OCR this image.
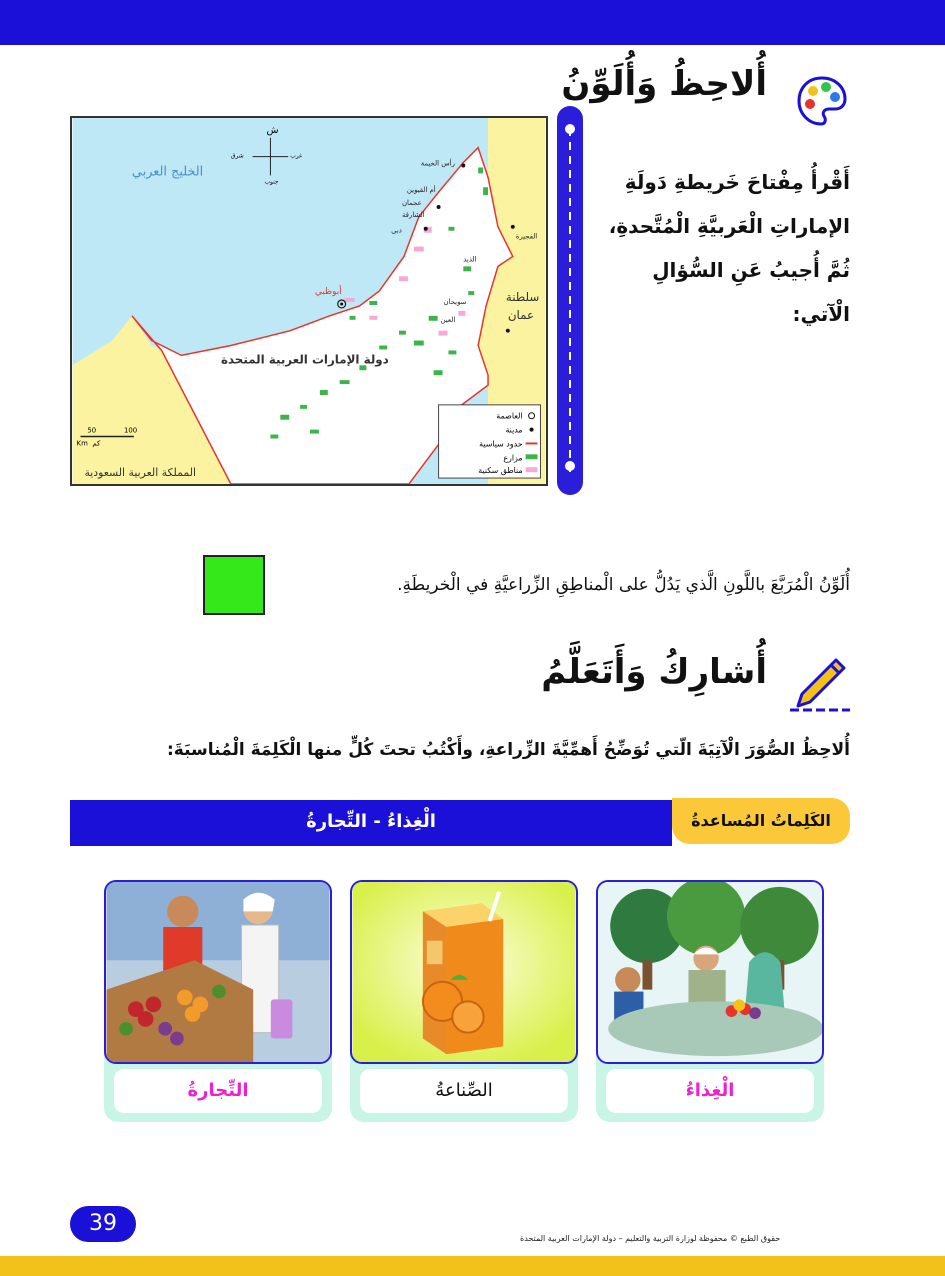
أُلاحِظُ وَأُلَوِّنُ
الخليج العربي
دولة الإمارات العربية المتحدة
المملكة العربية السعودية
سلطنة
عمان
أبوظبي
ش
شرق	غرب
جنوب
50	100
Km كم
العاصمة
مدينة
حدود سياسية
مزارع
مناطق سكنية
رأس الخيمة
أم القيوين
عجمان
الشارقة
دبي
الفجيرة
العين
الذيد
سويحان
أَقْرأُ مِفْتاحَ خَريطةِ دَولَةِ
الإماراتِ الْعَربيَّةِ الْمُتَّحدةِ،
ثُمَّ أُجيبُ عَنِ السُّؤالِ الْآتي:
أُلَوِّنُ الْمُرَبَّعَ باللَّونِ الَّذي يَدُلُّ على الْمناطِقِ الزِّراعيَّةِ في الْخريطَةِ.
أُشارِكُ وَأَتَعَلَّمُ
أُلاحِظُ الصُّوَرَ الْآتِيَةَ الّتي تُوَضِّحُ أَهمِّيَّةَ الزِّراعةِ، وأَكْتُبُ تحتَ كُلٍّ منها الْكَلِمَةَ الْمُناسبَةَ:
الْغِذاءُ - التِّجارةُ	الكَلِماتُ المُساعدةُ
التِّجارةُ	الصِّناعةُ	الْغِذاءُ
39
حقوق الطبع © محفوظة لوزارة التربية والتعليم – دولة الإمارات العربية المتحدة
